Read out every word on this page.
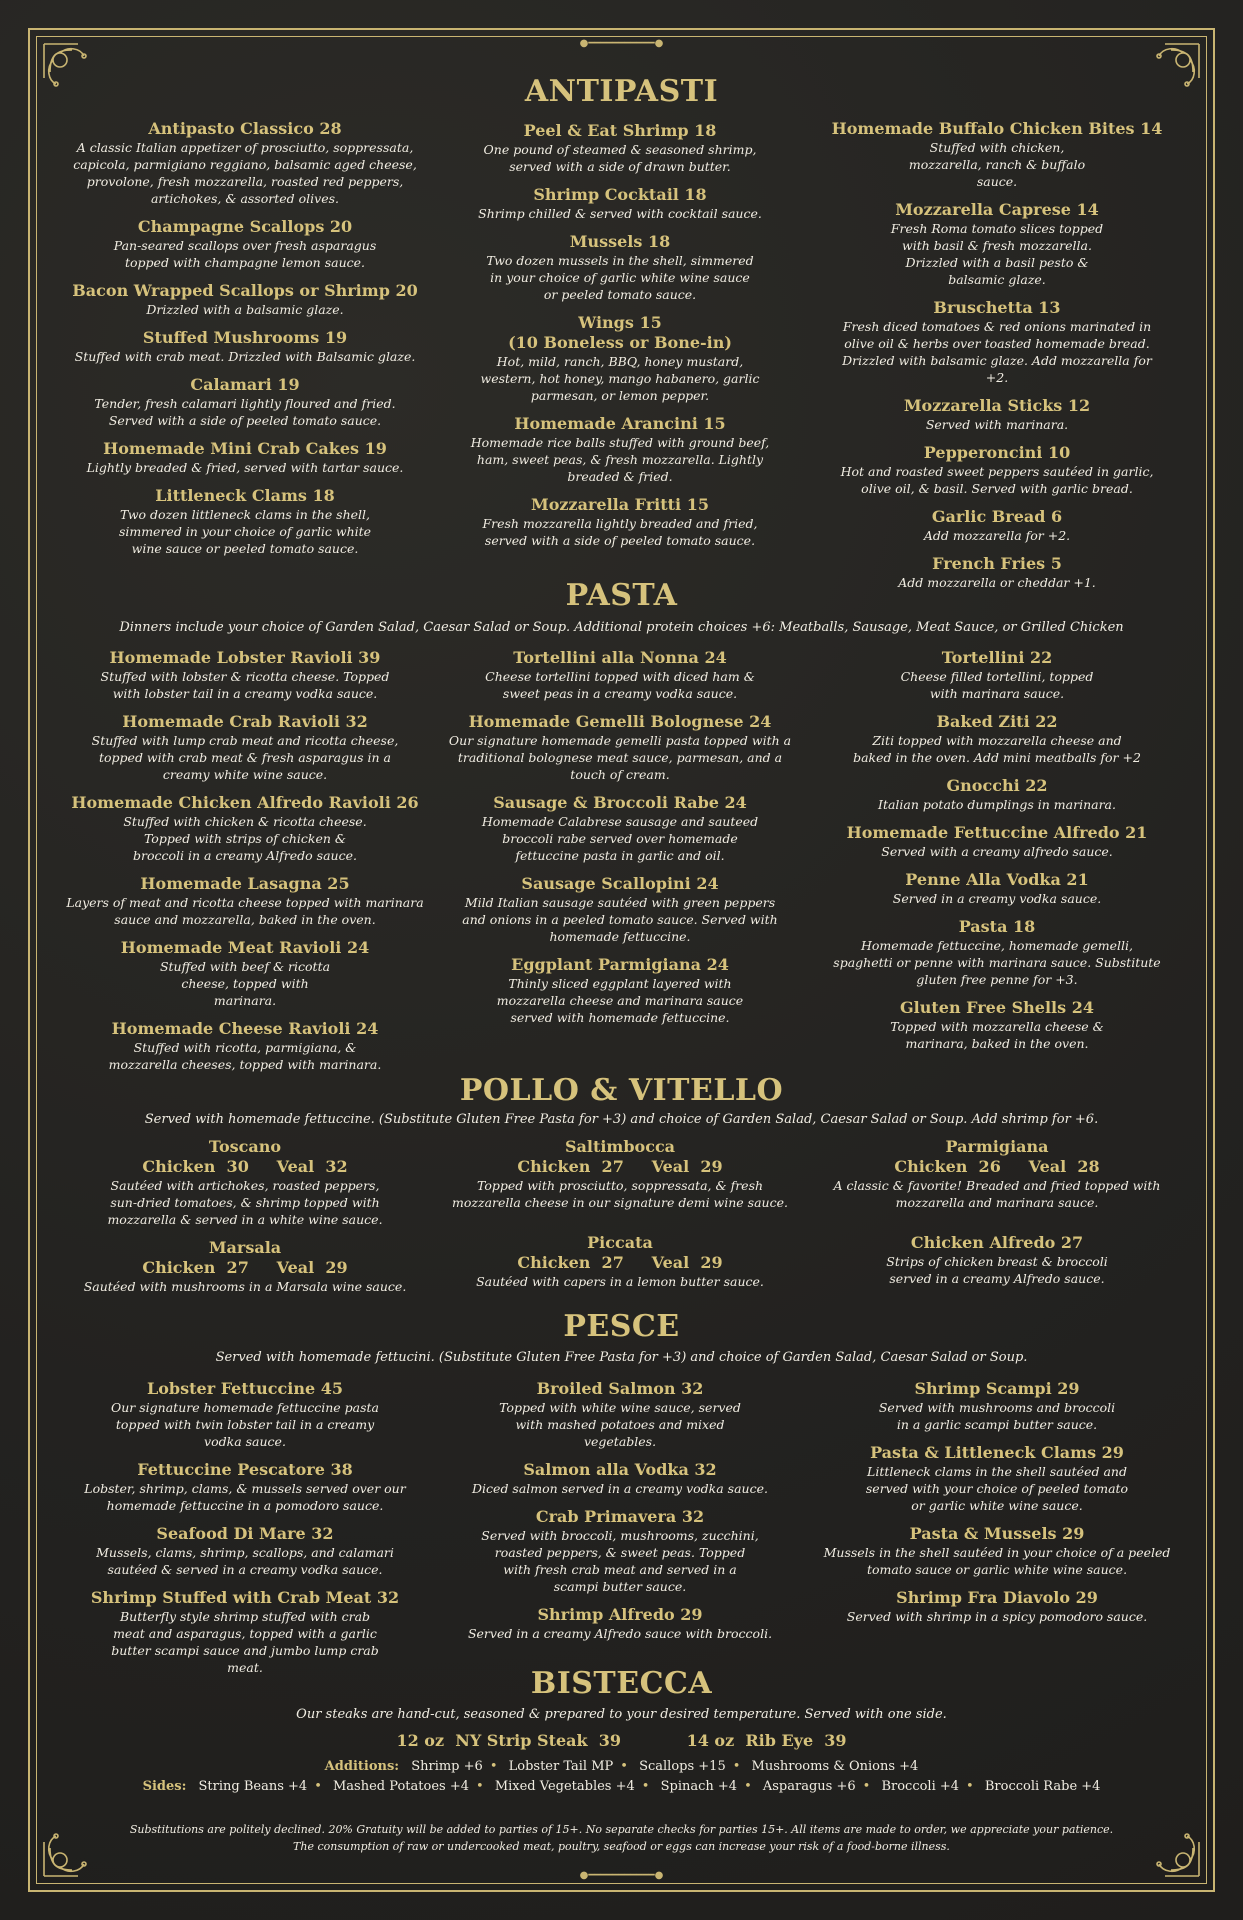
●━━━━━━━━━━━●
●━━━━━━━━━━━●
ANTIPASTI
Antipasto Classico 28
A classic Italian appetizer of prosciutto, soppressata, capicola, parmigiano reggiano, balsamic aged cheese, provolone, fresh mozzarella, roasted red peppers, artichokes, & assorted olives.
Champagne Scallops 20
Pan-seared scallops over fresh asparagus topped with champagne lemon sauce.
Bacon Wrapped Scallops or Shrimp 20
Drizzled with a balsamic glaze.
Stuffed Mushrooms 19
Stuffed with crab meat. Drizzled with Balsamic glaze.
Calamari 19
Tender, fresh calamari lightly floured and fried. Served with a side of peeled tomato sauce.
Homemade Mini Crab Cakes 19
Lightly breaded & fried, served with tartar sauce.
Littleneck Clams 18
Two dozen littleneck clams in the shell, simmered in your choice of garlic white wine sauce or peeled tomato sauce.
Peel & Eat Shrimp 18
One pound of steamed & seasoned shrimp, served with a side of drawn butter.
Shrimp Cocktail 18
Shrimp chilled & served with cocktail sauce.
Mussels 18
Two dozen mussels in the shell, simmered in your choice of garlic white wine sauce or peeled tomato sauce.
Wings 15
(10 Boneless or Bone-in)
Hot, mild, ranch, BBQ, honey mustard, western, hot honey, mango habanero, garlic parmesan, or lemon pepper.
Homemade Arancini 15
Homemade rice balls stuffed with ground beef, ham, sweet peas, & fresh mozzarella. Lightly breaded & fried.
Mozzarella Fritti 15
Fresh mozzarella lightly breaded and fried, served with a side of peeled tomato sauce.
Homemade Buffalo Chicken Bites 14
Stuffed with chicken, mozzarella, ranch & buffalo sauce.
Mozzarella Caprese 14
Fresh Roma tomato slices topped with basil & fresh mozzarella. Drizzled with a basil pesto & balsamic glaze.
Bruschetta 13
Fresh diced tomatoes & red onions marinated in olive oil & herbs over toasted homemade bread. Drizzled with balsamic glaze. Add mozzarella for +2.
Mozzarella Sticks 12
Served with marinara.
Pepperoncini 10
Hot and roasted sweet peppers sautéed in garlic, olive oil, & basil. Served with garlic bread.
Garlic Bread 6
Add mozzarella for +2.
French Fries 5
Add mozzarella or cheddar +1.
PASTA
Dinners include your choice of Garden Salad, Caesar Salad or Soup. Additional protein choices +6: Meatballs, Sausage, Meat Sauce, or Grilled Chicken
Homemade Lobster Ravioli 39
Stuffed with lobster & ricotta cheese. Topped with lobster tail in a creamy vodka sauce.
Homemade Crab Ravioli 32
Stuffed with lump crab meat and ricotta cheese, topped with crab meat & fresh asparagus in a creamy white wine sauce.
Homemade Chicken Alfredo Ravioli 26
Stuffed with chicken & ricotta cheese. Topped with strips of chicken & broccoli in a creamy Alfredo sauce.
Homemade Lasagna 25
Layers of meat and ricotta cheese topped with marinara sauce and mozzarella, baked in the oven.
Homemade Meat Ravioli 24
Stuffed with beef & ricotta cheese, topped with marinara.
Homemade Cheese Ravioli 24
Stuffed with ricotta, parmigiana, & mozzarella cheeses, topped with marinara.
Tortellini alla Nonna 24
Cheese tortellini topped with diced ham & sweet peas in a creamy vodka sauce.
Homemade Gemelli Bolognese 24
Our signature homemade gemelli pasta topped with a traditional bolognese meat sauce, parmesan, and a touch of cream.
Sausage & Broccoli Rabe 24
Homemade Calabrese sausage and sauteed broccoli rabe served over homemade fettuccine pasta in garlic and oil.
Sausage Scallopini 24
Mild Italian sausage sautéed with green peppers and onions in a peeled tomato sauce. Served with homemade fettuccine.
Eggplant Parmigiana 24
Thinly sliced eggplant layered with mozzarella cheese and marinara sauce served with homemade fettuccine.
Tortellini 22
Cheese filled tortellini, topped with marinara sauce.
Baked Ziti 22
Ziti topped with mozzarella cheese and baked in the oven. Add mini meatballs for +2
Gnocchi 22
Italian potato dumplings in marinara.
Homemade Fettuccine Alfredo 21
Served with a creamy alfredo sauce.
Penne Alla Vodka 21
Served in a creamy vodka sauce.
Pasta 18
Homemade fettuccine, homemade gemelli, spaghetti or penne with marinara sauce. Substitute gluten free penne for +3.
Gluten Free Shells 24
Topped with mozzarella cheese & marinara, baked in the oven.
POLLO & VITELLO
Served with homemade fettuccine. (Substitute Gluten Free Pasta for +3) and choice of Garden Salad, Caesar Salad or Soup. Add shrimp for +6.
Toscano
Chicken  30     Veal  32
Sautéed with artichokes, roasted peppers, sun-dried tomatoes, & shrimp topped with mozzarella & served in a white wine sauce.
Marsala
Chicken  27     Veal  29
Sautéed with mushrooms in a Marsala wine sauce.
Saltimbocca
Chicken  27     Veal  29
Topped with prosciutto, soppressata, & fresh mozzarella cheese in our signature demi wine sauce.
Piccata
Chicken  27     Veal  29
Sautéed with capers in a lemon butter sauce.
Parmigiana
Chicken  26     Veal  28
A classic & favorite! Breaded and fried topped with mozzarella and marinara sauce.
Chicken Alfredo 27
Strips of chicken breast & broccoli served in a creamy Alfredo sauce.
PESCE
Served with homemade fettucini. (Substitute Gluten Free Pasta for +3) and choice of Garden Salad, Caesar Salad or Soup.
Lobster Fettuccine 45
Our signature homemade fettuccine pasta topped with twin lobster tail in a creamy vodka sauce.
Fettuccine Pescatore 38
Lobster, shrimp, clams, & mussels served over our homemade fettuccine in a pomodoro sauce.
Seafood Di Mare 32
Mussels, clams, shrimp, scallops, and calamari sautéed & served in a creamy vodka sauce.
Shrimp Stuffed with Crab Meat 32
Butterfly style shrimp stuffed with crab meat and asparagus, topped with a garlic butter scampi sauce and jumbo lump crab meat.
Broiled Salmon 32
Topped with white wine sauce, served with mashed potatoes and mixed vegetables.
Salmon alla Vodka 32
Diced salmon served in a creamy vodka sauce.
Crab Primavera 32
Served with broccoli, mushrooms, zucchini, roasted peppers, & sweet peas. Topped with fresh crab meat and served in a scampi butter sauce.
Shrimp Alfredo 29
Served in a creamy Alfredo sauce with broccoli.
Shrimp Scampi 29
Served with mushrooms and broccoli in a garlic scampi butter sauce.
Pasta & Littleneck Clams 29
Littleneck clams in the shell sautéed and served with your choice of peeled tomato or garlic white wine sauce.
Pasta & Mussels 29
Mussels in the shell sautéed in your choice of a peeled tomato sauce or garlic white wine sauce.
Shrimp Fra Diavolo 29
Served with shrimp in a spicy pomodoro sauce.
BISTECCA
Our steaks are hand-cut, seasoned & prepared to your desired temperature. Served with one side.
12 oz  NY Strip Steak  39	14 oz  Rib Eye  39
Additions: Shrimp +6 • Lobster Tail MP • Scallops +15 • Mushrooms & Onions +4
Sides: String Beans +4 • Mashed Potatoes +4 • Mixed Vegetables +4 • Spinach +4 • Asparagus +6 • Broccoli +4 • Broccoli Rabe +4
Substitutions are politely declined. 20% Gratuity will be added to parties of 15+. No separate checks for parties 15+. All items are made to order, we appreciate your patience.
The consumption of raw or undercooked meat, poultry, seafood or eggs can increase your risk of a food-borne illness.
